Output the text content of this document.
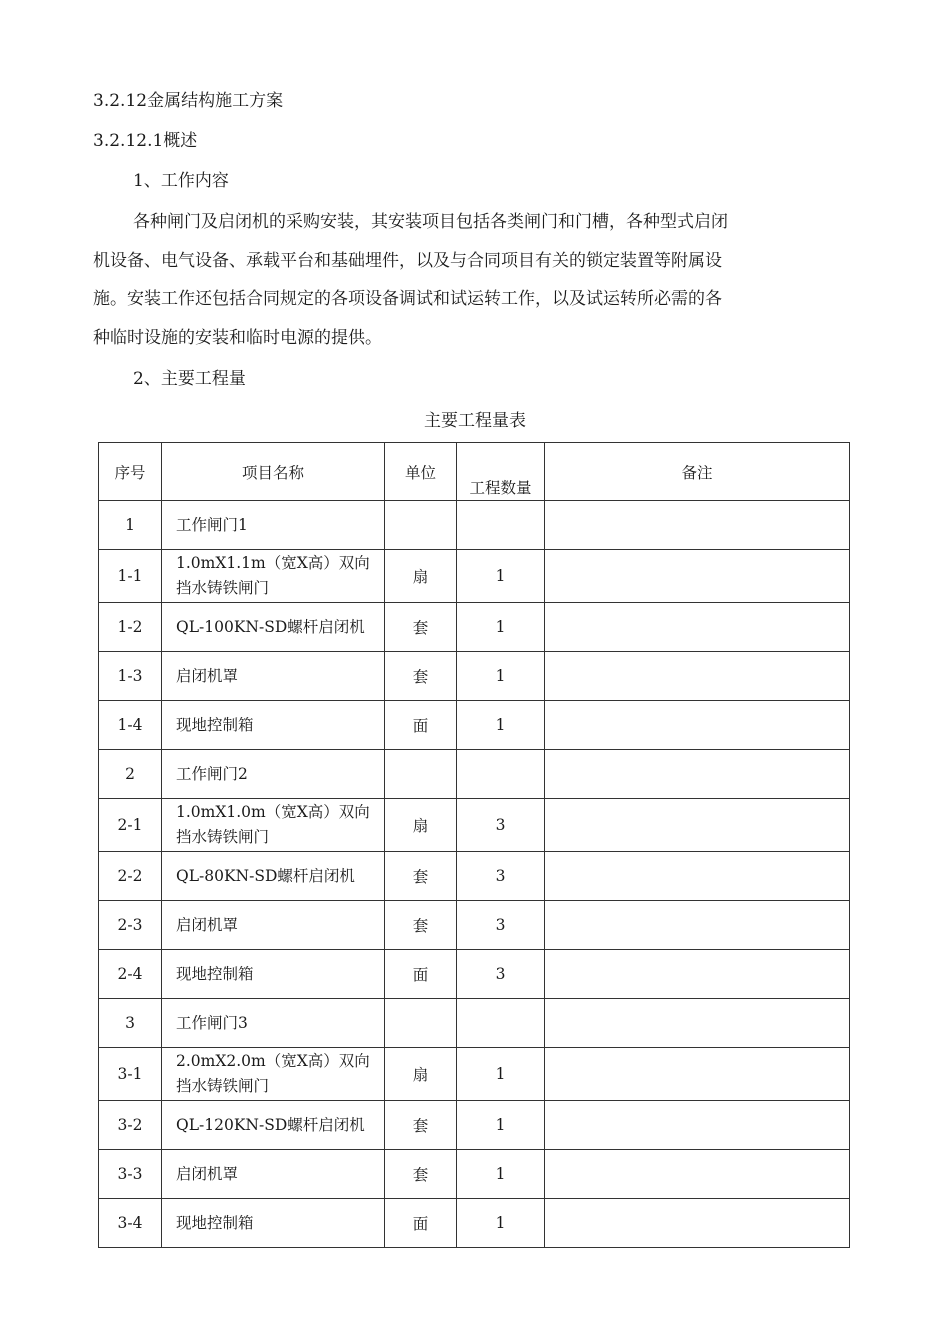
3.2.12金属结构施工方案
3.2.12.1概述
1、工作内容
各种闸门及启闭机的采购安装，其安装项目包括各类闸门和门槽，各种型式启闭
机设备、电气设备、承载平台和基础埋件，以及与合同项目有关的锁定装置等附属设
施。安装工作还包括合同规定的各项设备调试和试运转工作，以及试运转所必需的各
种临时设施的安装和临时电源的提供。
2、主要工程量
主要工程量表
序号	项目名称	单位	工程数量	备注
1	工作闸门1			
1-1	1.0mX1.1m（宽X高）双向挡水铸铁闸门	扇	1	
1-2	QL-100KN-SD螺杆启闭机	套	1	
1-3	启闭机罩	套	1	
1-4	现地控制箱	面	1	
2	工作闸门2			
2-1	1.0mX1.0m（宽X高）双向挡水铸铁闸门	扇	3	
2-2	QL-80KN-SD螺杆启闭机	套	3	
2-3	启闭机罩	套	3	
2-4	现地控制箱	面	3	
3	工作闸门3			
3-1	2.0mX2.0m（宽X高）双向挡水铸铁闸门	扇	1	
3-2	QL-120KN-SD螺杆启闭机	套	1	
3-3	启闭机罩	套	1	
3-4	现地控制箱	面	1	
